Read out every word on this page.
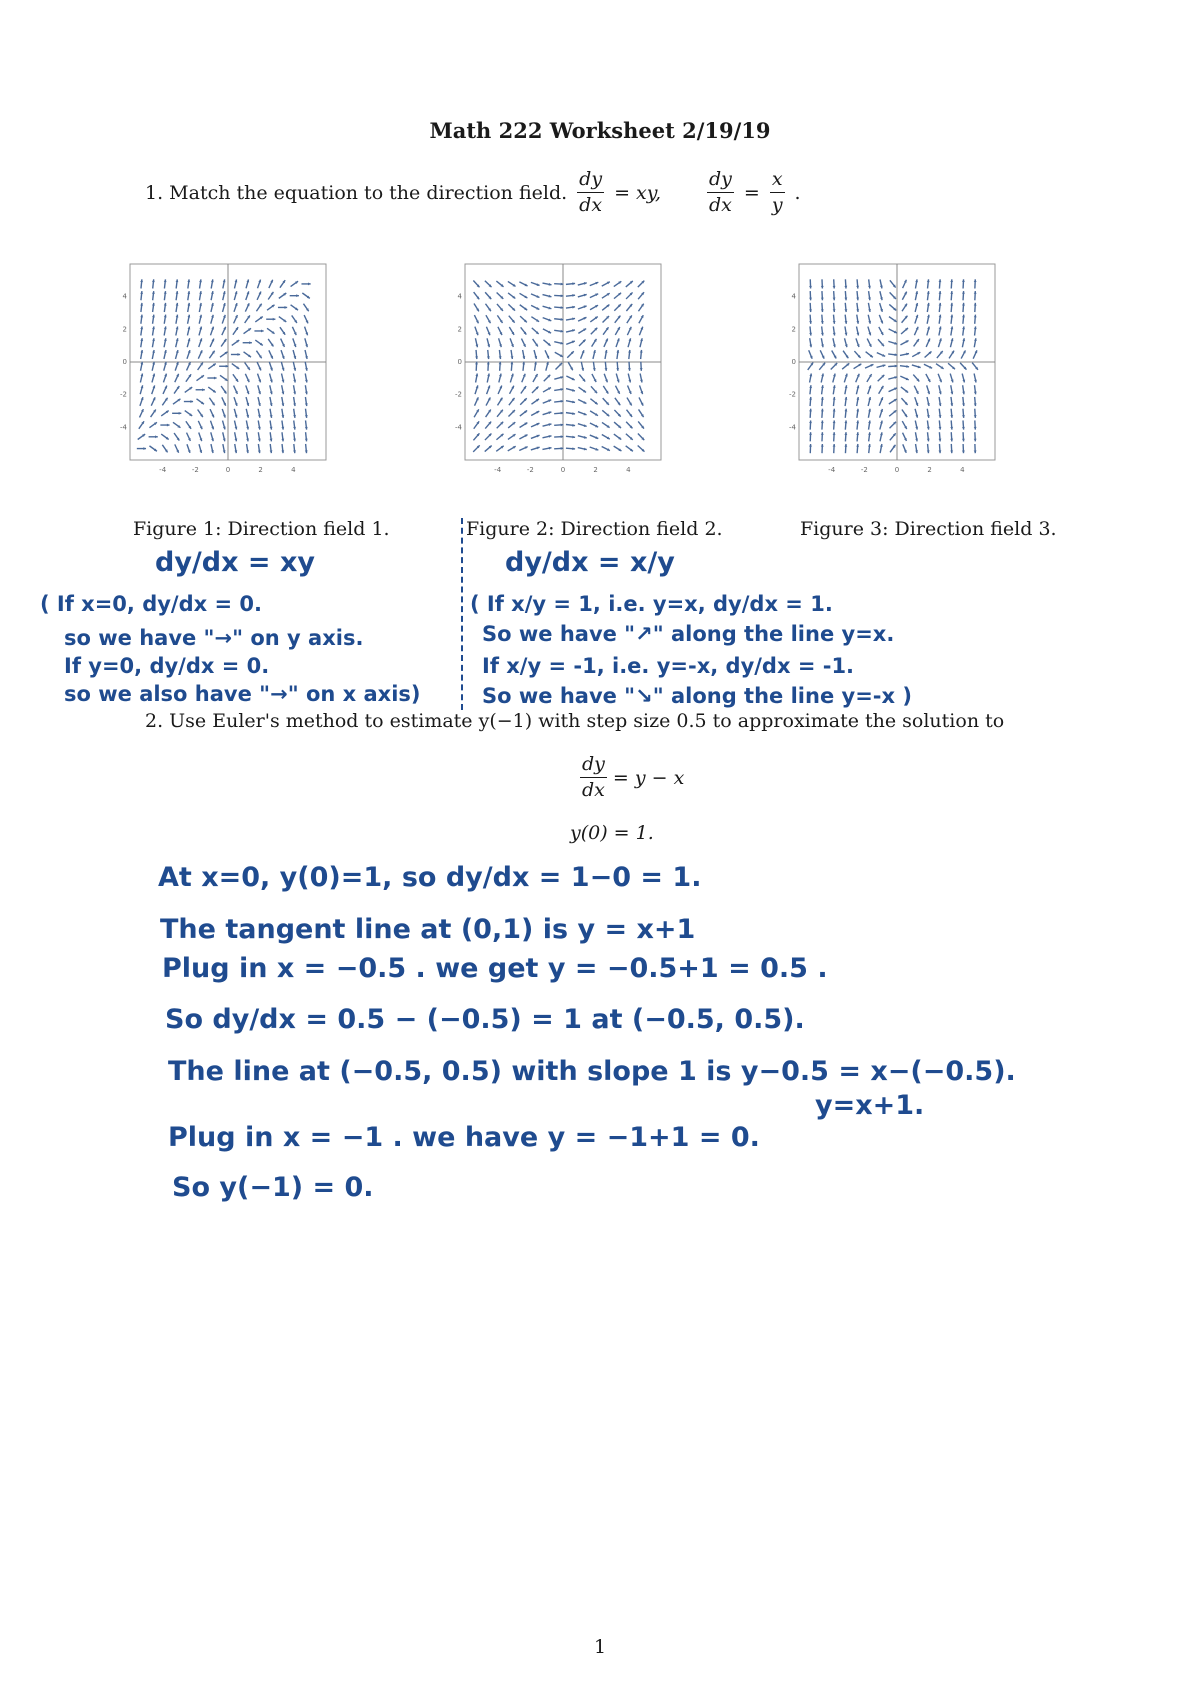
Math 222 Worksheet 2/19/19
1. Match the equation to the direction field. $\frac{dy}{dx}$ = xy, $\frac{dy}{dx} = \frac{x}{y}$ .
-4
-4
-2
-2
0
0
2
2
4
4
-4
-4
-2
-2
0
0
2
2
4
4
-4
-4
-2
-2
0
0
2
2
4
4
Figure 1: Direction field 1.	Figure 2: Direction field 2.	Figure 3: Direction field 3.
dy/dx = xy
( If x=0, dy/dx = 0.
so we have "→" on y axis.
If y=0, dy/dx = 0.
so we also have "→" on x axis)
dy/dx = x/y
( If x/y = 1, i.e. y=x, dy/dx = 1.
So we have "↗" along the line y=x.
If x/y = -1, i.e. y=-x, dy/dx = -1.
So we have "↘" along the line y=-x )
2. Use Euler's method to estimate y(−1) with step size 0.5 to approximate the solution to
$\frac{dy}{dx} = y - x$
y(0) = 1.
At x=0, y(0)=1, so dy/dx = 1−0 = 1.
The tangent line at (0,1) is y = x+1
Plug in x = −0.5 . we get y = −0.5+1 = 0.5 .
So dy/dx = 0.5 − (−0.5) = 1 at (−0.5, 0.5).
The line at (−0.5, 0.5) with slope 1 is y−0.5 = x−(−0.5).
y=x+1.
Plug in x = −1 . we have y = −1+1 = 0.
So y(−1) = 0.
1
